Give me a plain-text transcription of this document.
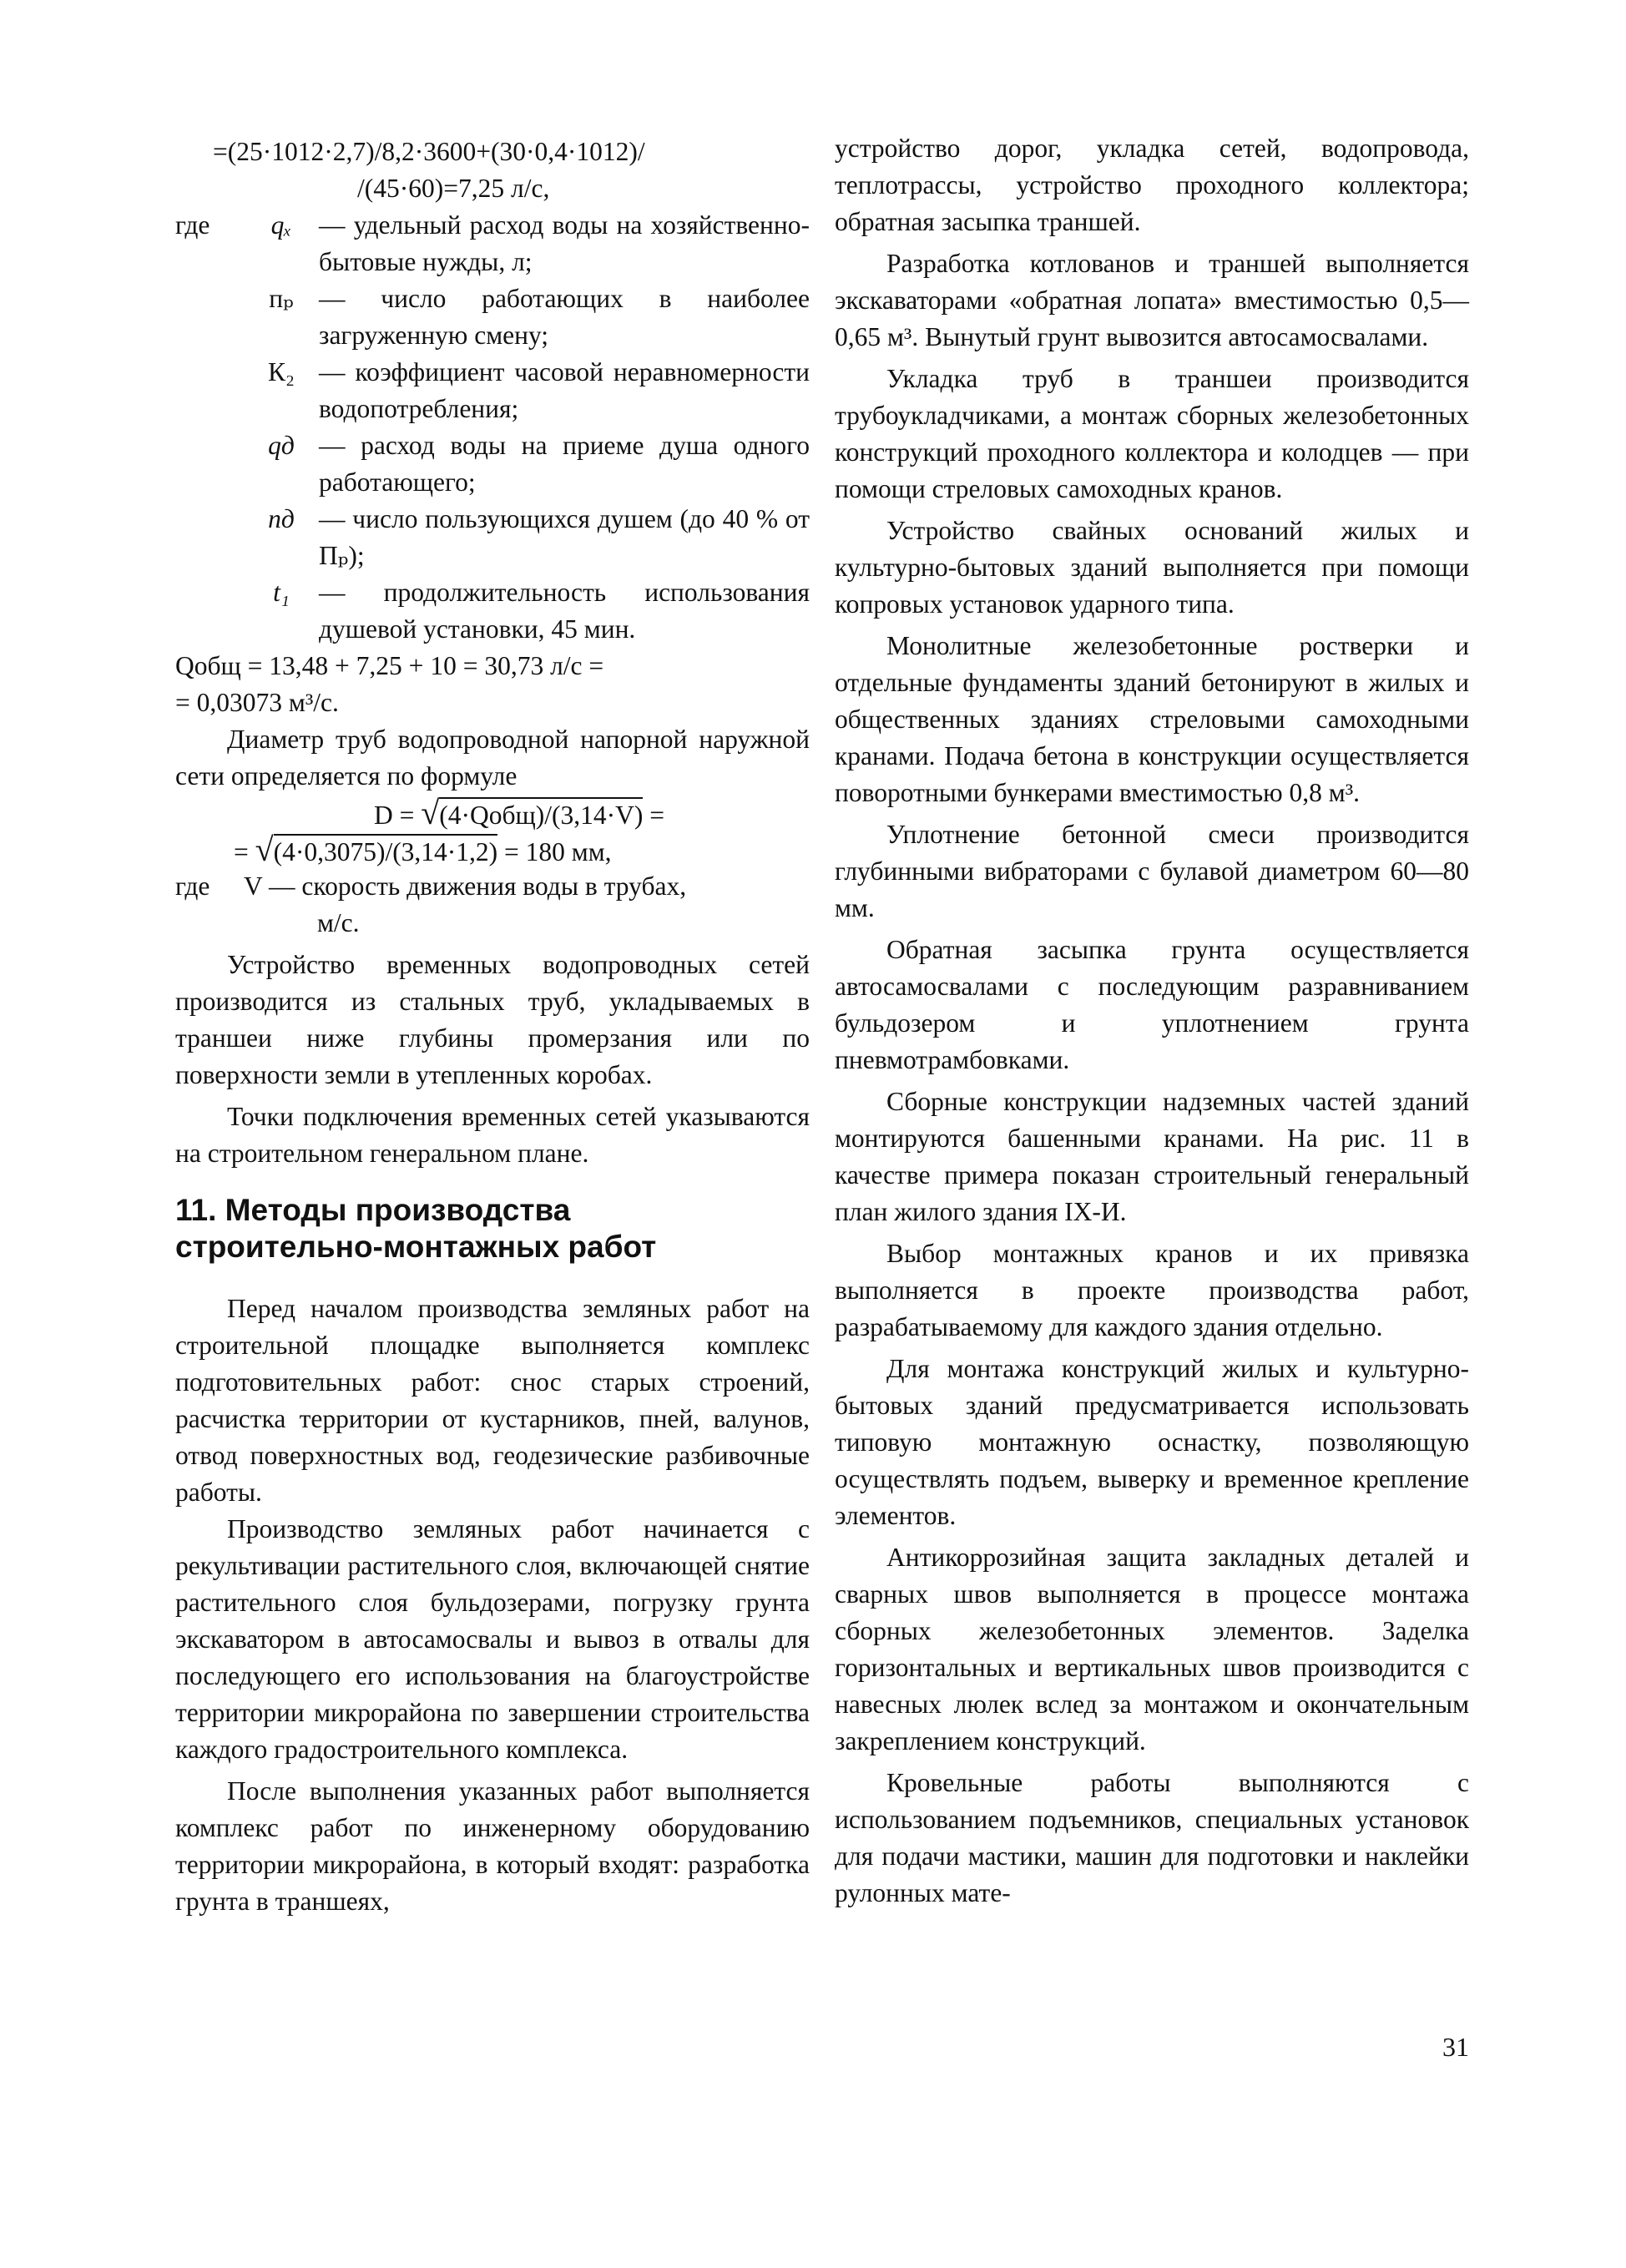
=(25·1012·2,7)/8,2·3600+(30·0,4·1012)/
/(45·60)=7,25 л/с,
где	qₓ	— удельный расход воды на хозяйственно-бытовые нужды, л;
пₚ — число работающих в наиболее загруженную смену;
К₂ — коэффициент часовой неравномерности водопотребления;
qд — расход воды на приеме душа одного работающего;
nд — число пользующихся душем (до 40 % от Пₚ);
t₁	— продолжительность использования душевой установки, 45 мин.
Qобщ = 13,48 + 7,25 + 10 = 30,73 л/с =
= 0,03073 м³/с.

Диаметр труб водопроводной напорной наружной сети определяется по формуле

D = √(4·Qобщ)/(3,14·V) =
= √(4·0,3075)/(3,14·1,2) = 180 мм,
где	V — скорость движения воды в трубах,
м/с.

Устройство временных водопроводных сетей производится из стальных труб, укладываемых в траншеи ниже глубины промерзания или по поверхности земли в утепленных коробах.

Точки подключения временных сетей указываются на строительном генеральном плане.

11. Методы производства
строительно-монтажных работ

Перед началом производства земляных работ на строительной площадке выполняется комплекс подготовительных работ: снос старых строений, расчистка территории от кустарников, пней, валунов, отвод поверхностных вод, геодезические разбивочные работы.

Производство земляных работ начинается с рекультивации растительного слоя, включающей снятие растительного слоя бульдозерами, погрузку грунта экскаватором в автосамосвалы и вывоз в отвалы для последующего его использования на благоустройстве территории микрорайона по завершении строительства каждого градостроительного комплекса.

После выполнения указанных работ выполняется комплекс работ по инженерному оборудованию территории микрорайона, в который входят: разработка грунта в траншеях,

устройство дорог, укладка сетей, водопровода, теплотрассы, устройство проходного коллектора; обратная засыпка траншей.

Разработка котлованов и траншей выполняется экскаваторами «обратная лопата» вместимостью 0,5—0,65 м³. Вынутый грунт вывозится автосамосвалами.

Укладка труб в траншеи производится трубоукладчиками, а монтаж сборных железобетонных конструкций проходного коллектора и колодцев — при помощи стреловых самоходных кранов.

Устройство свайных оснований жилых и культурно-бытовых зданий выполняется при помощи копровых установок ударного типа.

Монолитные железобетонные ростверки и отдельные фундаменты зданий бетонируют в жилых и общественных зданиях стреловыми самоходными кранами. Подача бетона в конструкции осуществляется поворотными бункерами вместимостью 0,8 м³.

Уплотнение бетонной смеси производится глубинными вибраторами с булавой диаметром 60—80 мм.

Обратная засыпка грунта осуществляется автосамосвалами с последующим разравниванием бульдозером и уплотнением грунта пневмотрамбовками.

Сборные конструкции надземных частей зданий монтируются башенными кранами. На рис. 11 в качестве примера показан строительный генеральный план жилого здания IX-И.

Выбор монтажных кранов и их привязка выполняется в проекте производства работ, разрабатываемому для каждого здания отдельно.

Для монтажа конструкций жилых и культурно-бытовых зданий предусматривается использовать типовую монтажную оснастку, позволяющую осуществлять подъем, выверку и временное крепление элементов.

Антикоррозийная защита закладных деталей и сварных швов выполняется в процессе монтажа сборных железобетонных элементов. Заделка горизонтальных и вертикальных швов производится с навесных люлек вслед за монтажом и окончательным закреплением конструкций.

Кровельные работы выполняются с использованием подъемников, специальных установок для подачи мастики, машин для подготовки и наклейки рулонных мате-

31
